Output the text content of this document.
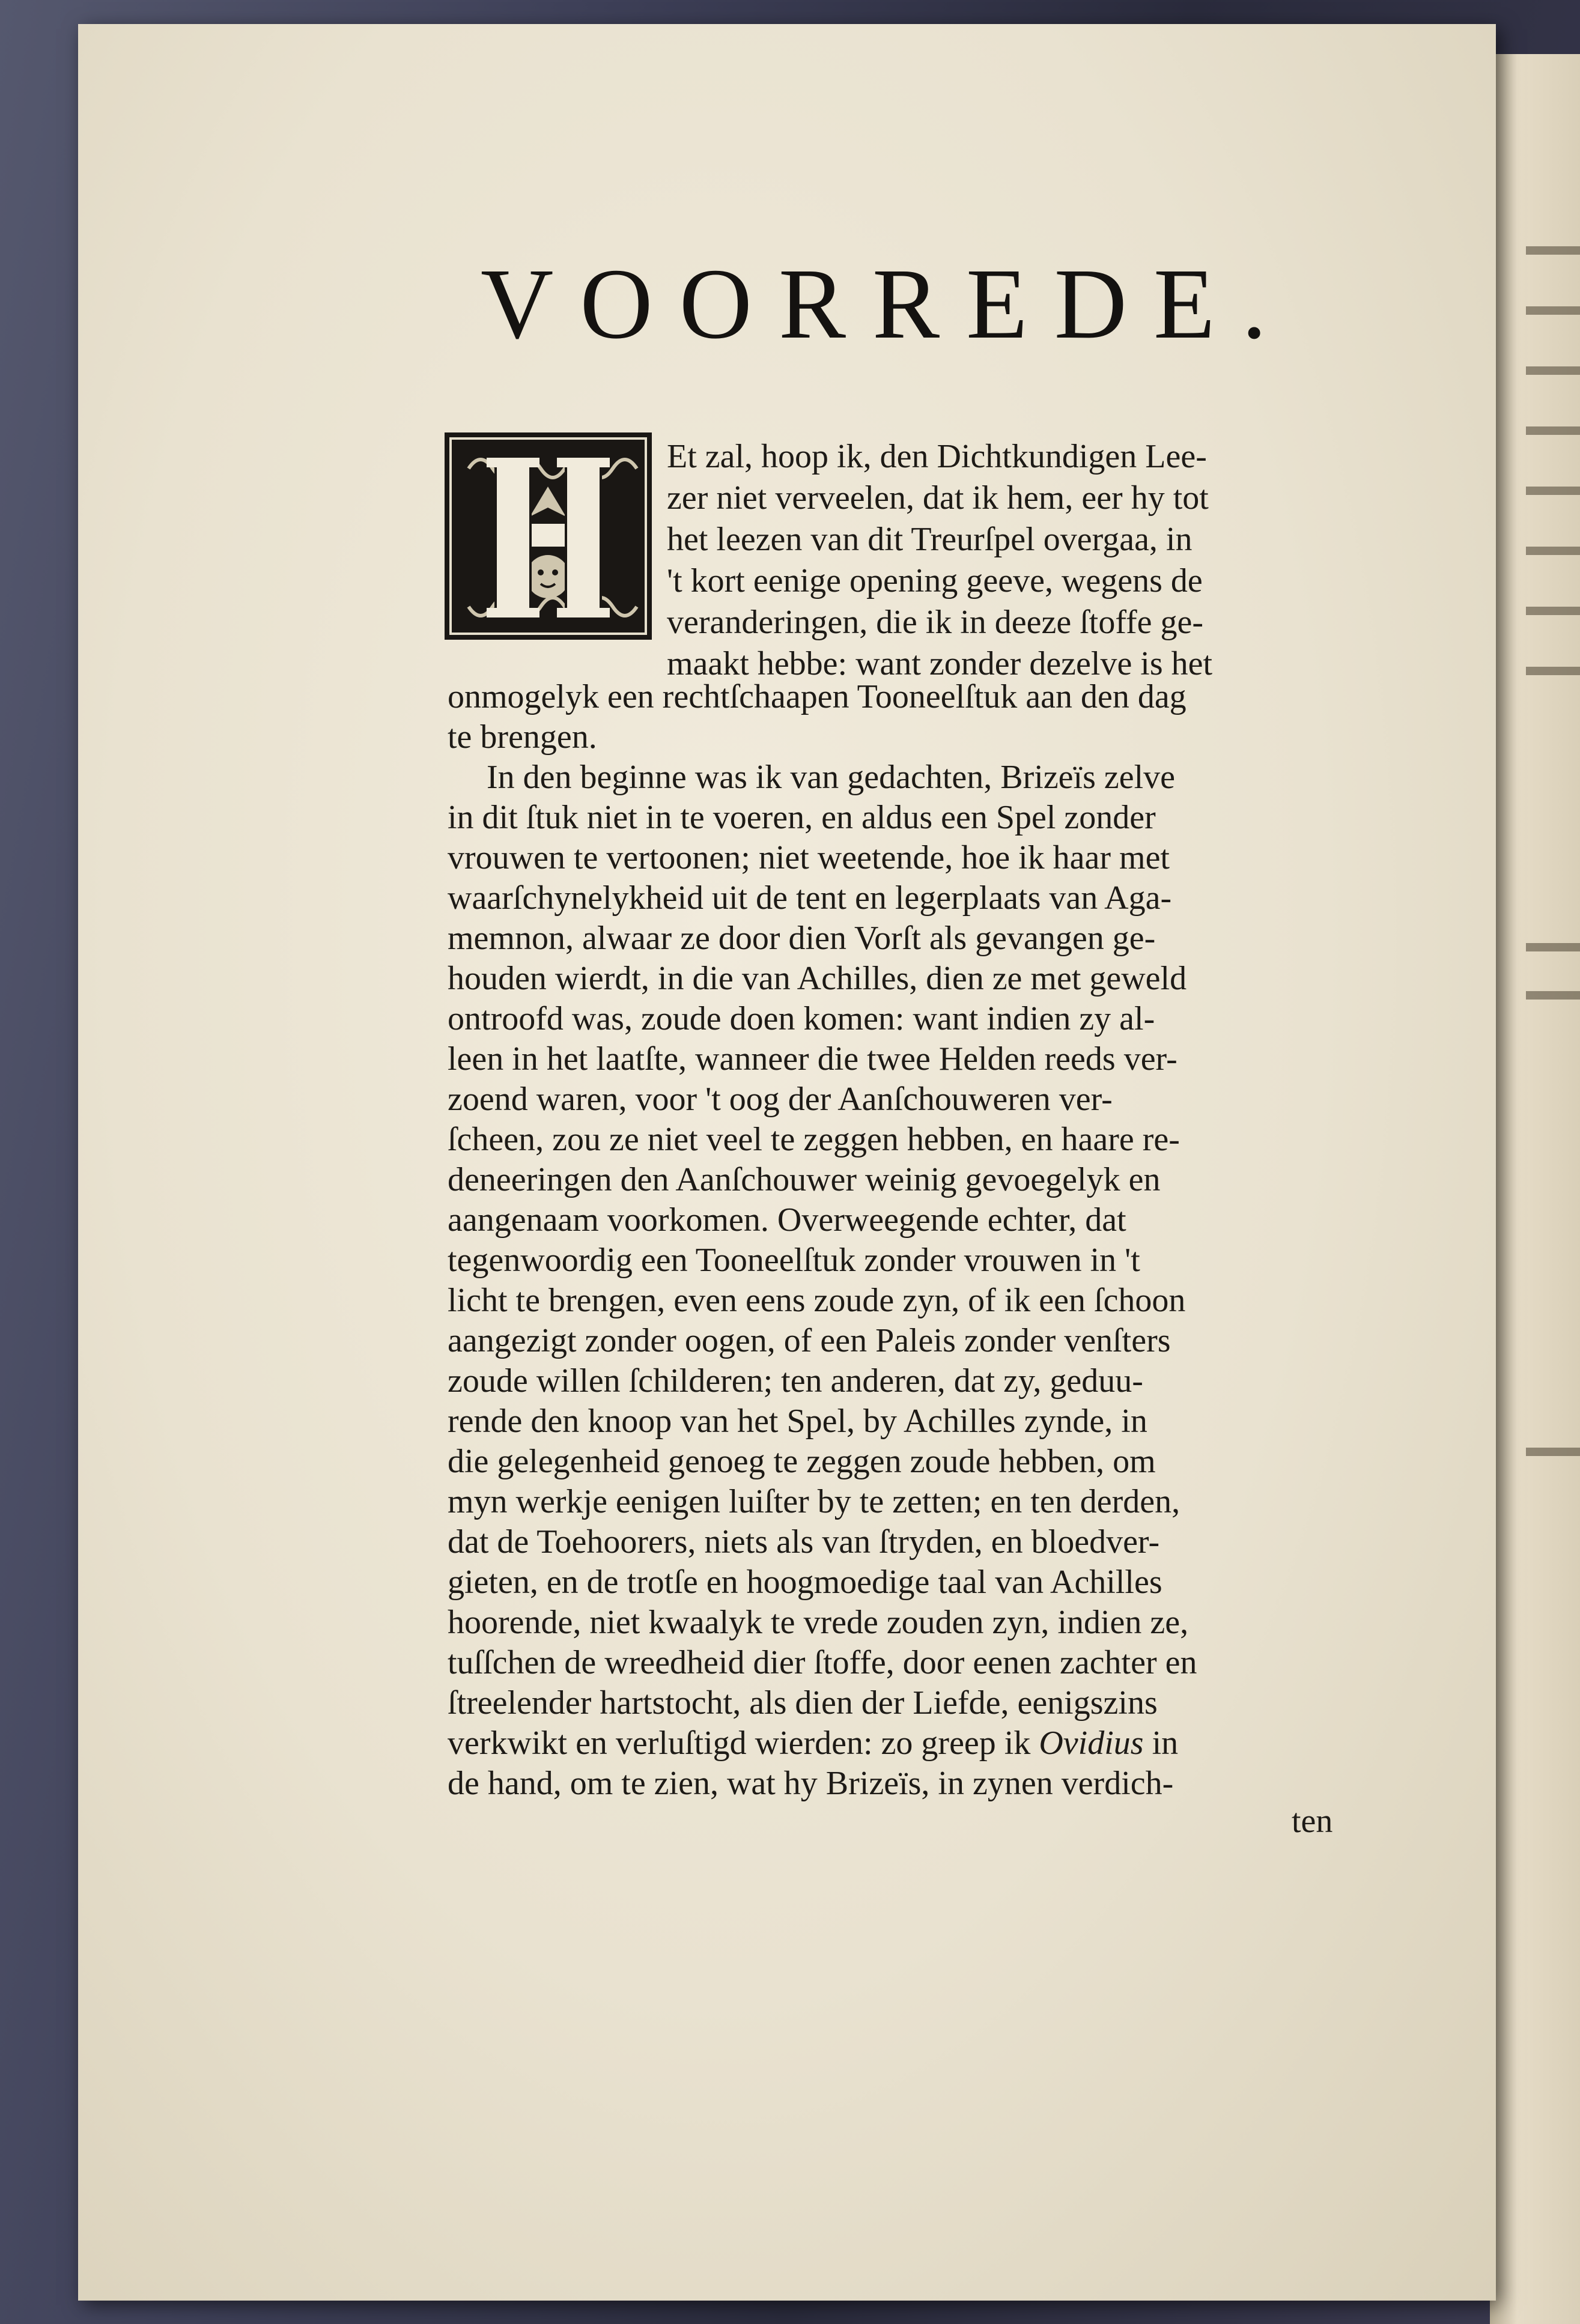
VOORREDE.
Et zal, hoop ik, den Dichtkundigen Lee-
zer niet verveelen, dat ik hem, eer hy tot
het leezen van dit Treurſpel overgaa, in
't kort eenige opening geeve, wegens de
veranderingen, die ik in deeze ſtoffe ge-
maakt hebbe: want zonder dezelve is het
onmogelyk een rechtſchaapen Tooneelſtuk aan den dag
te brengen.
In den beginne was ik van gedachten, Brizeïs zelve
in dit ſtuk niet in te voeren, en aldus een Spel zonder
vrouwen te vertoonen; niet weetende, hoe ik haar met
waarſchynelykheid uit de tent en legerplaats van Aga-
memnon, alwaar ze door dien Vorſt als gevangen ge-
houden wierdt, in die van Achilles, dien ze met geweld
ontroofd was, zoude doen komen: want indien zy al-
leen in het laatſte, wanneer die twee Helden reeds ver-
zoend waren, voor 't oog der Aanſchouweren ver-
ſcheen, zou ze niet veel te zeggen hebben, en haare re-
deneeringen den Aanſchouwer weinig gevoegelyk en
aangenaam voorkomen. Overweegende echter, dat
tegenwoordig een Tooneelſtuk zonder vrouwen in 't
licht te brengen, even eens zoude zyn, of ik een ſchoon
aangezigt zonder oogen, of een Paleis zonder venſters
zoude willen ſchilderen; ten anderen, dat zy, geduu-
rende den knoop van het Spel, by Achilles zynde, in
die gelegenheid genoeg te zeggen zoude hebben, om
myn werkje eenigen luiſter by te zetten; en ten derden,
dat de Toehoorers, niets als van ſtryden, en bloedver-
gieten, en de trotſe en hoogmoedige taal van Achilles
hoorende, niet kwaalyk te vrede zouden zyn, indien ze,
tuſſchen de wreedheid dier ſtoffe, door eenen zachter en
ſtreelender hartstocht, als dien der Liefde, eenigszins
verkwikt en verluſtigd wierden: zo greep ik Ovidius in
de hand, om te zien, wat hy Brizeïs, in zynen verdich-
ten
